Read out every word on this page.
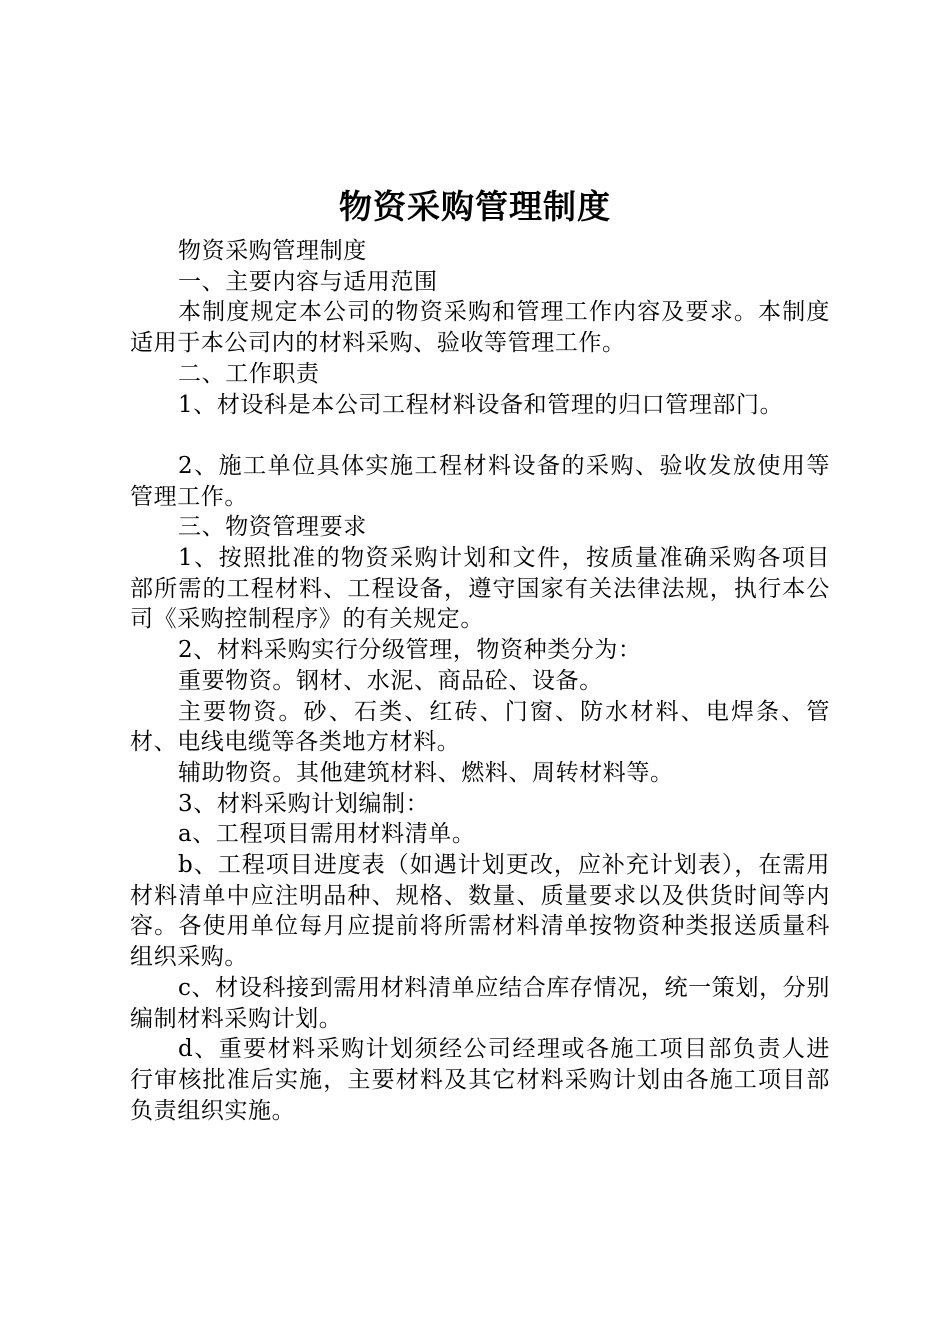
物资采购管理制度

物资采购管理制度

一、主要内容与适用范围

本制度规定本公司的物资采购和管理工作内容及要求。本制度适用于本公司内的材料采购、验收等管理工作。

二、工作职责

1、材设科是本公司工程材料设备和管理的归口管理部门。

2、施工单位具体实施工程材料设备的采购、验收发放使用等管理工作。

三、物资管理要求

1、按照批准的物资采购计划和文件，按质量准确采购各项目部所需的工程材料、工程设备，遵守国家有关法律法规，执行本公司《采购控制程序》的有关规定。

2、材料采购实行分级管理，物资种类分为：

重要物资。钢材、水泥、商品砼、设备。

主要物资。砂、石类、红砖、门窗、防水材料、电焊条、管材、电线电缆等各类地方材料。

辅助物资。其他建筑材料、燃料、周转材料等。

3、材料采购计划编制：

a、工程项目需用材料清单。

b、工程项目进度表（如遇计划更改，应补充计划表），在需用材料清单中应注明品种、规格、数量、质量要求以及供货时间等内容。各使用单位每月应提前将所需材料清单按物资种类报送质量科组织采购。

c、材设科接到需用材料清单应结合库存情况，统一策划，分别编制材料采购计划。

d、重要材料采购计划须经公司经理或各施工项目部负责人进行审核批准后实施，主要材料及其它材料采购计划由各施工项目部负责组织实施。
